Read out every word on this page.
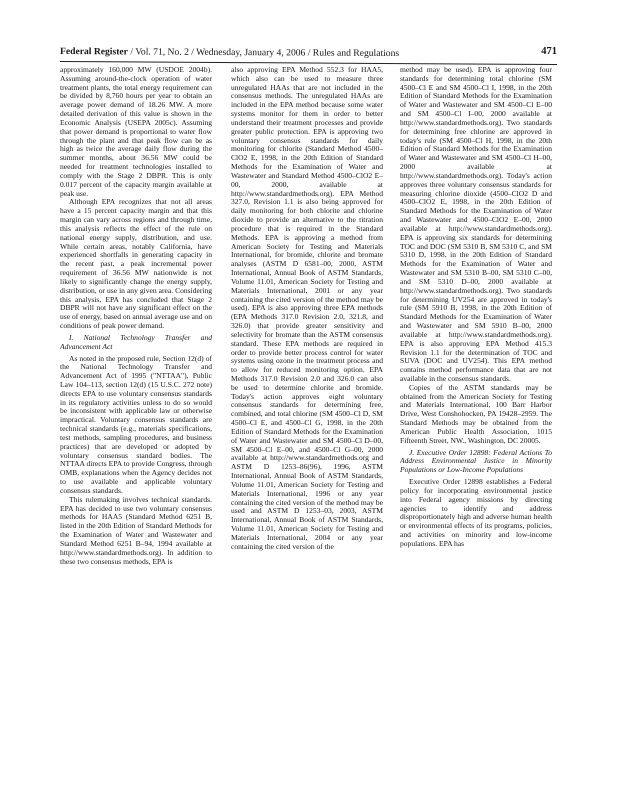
Federal Register / Vol. 71, No. 2 / Wednesday, January 4, 2006 / Rules and Regulations	471

approximately 160,000 MW (USDOE 2004b). Assuming around-the-clock operation of water treatment plants, the total energy requirement can be divided by 8,760 hours per year to obtain an average power demand of 18.26 MW. A more detailed derivation of this value is shown in the Economic Analysis (USEPA 2005c). Assuming that power demand is proportional to water flow through the plant and that peak flow can be as high as twice the average daily flow during the summer months, about 36.56 MW could be needed for treatment technologies installed to comply with the Stage 2 DBPR. This is only 0.017 percent of the capacity margin available at peak use.

Although EPA recognizes that not all areas have a 15 percent capacity margin and that this margin can vary across regions and through time, this analysis reflects the effect of the rule on national energy supply, distribution, and use. While certain areas, notably California, have experienced shortfalls in generating capacity in the recent past, a peak incremental power requirement of 36.56 MW nationwide is not likely to significantly change the energy supply, distribution, or use in any given area. Considering this analysis, EPA has concluded that Stage 2 DBPR will not have any significant effect on the use of energy, based on annual average use and on conditions of peak power demand.

I. National Technology Transfer and Advancement Act

As noted in the proposed rule, Section 12(d) of the National Technology Transfer and Advancement Act of 1995 ("NTTAA"), Public Law 104–113, section 12(d) (15 U.S.C. 272 note) directs EPA to use voluntary consensus standards in its regulatory activities unless to do so would be inconsistent with applicable law or otherwise impractical. Voluntary consensus standards are technical standards (e.g., materials specifications, test methods, sampling procedures, and business practices) that are developed or adopted by voluntary consensus standard bodies. The NTTAA directs EPA to provide Congress, through OMB, explanations when the Agency decides not to use available and applicable voluntary consensus standards.

This rulemaking involves technical standards. EPA has decided to use two voluntary consensus methods for HAA5 (Standard Method 6251 B, listed in the 20th Edition of Standard Methods for the Examination of Water and Wastewater and Standard Method 6251 B–94, 1994 available at http://www.standardmethods.org). In addition to these two consensus methods, EPA is

also approving EPA Method 552.3 for HAA5, which also can be used to measure three unregulated HAAs that are not included in the consensus methods. The unregulated HAAs are included in the EPA method because some water systems monitor for them in order to better understand their treatment processes and provide greater public protection. EPA is approving two voluntary consensus standards for daily monitoring for chlorite (Standard Method 4500–ClO2 E, 1998, in the 20th Edition of Standard Methods for the Examination of Water and Wastewater and Standard Method 4500–ClO2 E–00, 2000, available at http://www.standardmethods.org). EPA Method 327.0, Revision 1.1 is also being approved for daily monitoring for both chlorite and chlorine dioxide to provide an alternative to the titration procedure that is required in the Standard Methods. EPA is approving a method from American Society for Testing and Materials International, for bromide, chlorite and bromate analyses (ASTM D 6581–00, 2000, ASTM International, Annual Book of ASTM Standards, Volume 11.01, American Society for Testing and Materials International, 2001 or any year containing the cited version of the method may be used). EPA is also approving three EPA methods (EPA Methods 317.0 Revision 2.0, 321.8, and 326.0) that provide greater sensitivity and selectivity for bromate than the ASTM consensus standard. These EPA methods are required in order to provide better process control for water systems using ozone in the treatment process and to allow for reduced monitoring option. EPA Methods 317.0 Revision 2.0 and 326.0 can also be used to determine chlorite and bromide. Today's action approves eight voluntary consensus standards for determining free, combined, and total chlorine (SM 4500–Cl D, SM 4500–Cl E, and 4500–Cl G, 1998, in the 20th Edition of Standard Methods for the Examination of Water and Wastewater and SM 4500–Cl D–00, SM 4500–Cl E–00, and 4500–Cl G–00, 2000 available at http://www.standardmethods.org and ASTM D 1253–86(96), 1996, ASTM International, Annual Book of ASTM Standards, Volume 11.01, American Society for Testing and Materials International, 1996 or any year containing the cited version of the method may be used and ASTM D 1253–03, 2003, ASTM International, Annual Book of ASTM Standards, Volume 11.01, American Society for Testing and Materials International, 2004 or any year containing the cited version of the

method may be used). EPA is approving four standards for determining total chlorine (SM 4500–Cl E and SM 4500–Cl I, 1998, in the 20th Edition of Standard Methods for the Examination of Water and Wastewater and SM 4500–Cl E–00 and SM 4500–Cl I–00, 2000 available at http://www.standardmethods.org). Two standards for determining free chlorine are approved in today's rule (SM 4500–Cl H, 1998, in the 20th Edition of Standard Methods for the Examination of Water and Wastewater and SM 4500–Cl H–00, 2000 available at http://www.standardmethods.org). Today's action approves three voluntary consensus standards for measuring chlorine dioxide (4500–ClO2 D and 4500–ClO2 E, 1998, in the 20th Edition of Standard Methods for the Examination of Water and Wastewater and 4500–ClO2 E–00, 2000 available at http://www.standardmethods.org). EPA is approving six standards for determining TOC and DOC (SM 5310 B, SM 5310 C, and SM 5310 D, 1998, in the 20th Edition of Standard Methods for the Examination of Water and Wastewater and SM 5310 B–00, SM 5310 C–00, and SM 5310 D–00, 2000 available at http://www.standardmethods.org). Two standards for determining UV254 are approved in today's rule (SM 5910 B, 1998, in the 20th Edition of Standard Methods for the Examination of Water and Wastewater and SM 5910 B–00, 2000 available at http://www.standardmethods.org). EPA is also approving EPA Method 415.3 Revision 1.1 for the determination of TOC and SUVA (DOC and UV254). This EPA method contains method performance data that are not available in the consensus standards.

Copies of the ASTM standards may be obtained from the American Society for Testing and Materials International, 100 Barr Harbor Drive, West Conshohocken, PA 19428–2959. The Standard Methods may be obtained from the American Public Health Association, 1015 Fifteenth Street, NW., Washington, DC 20005.

J. Executive Order 12898: Federal Actions To Address Environmental Justice in Minority Populations or Low-Income Populations

Executive Order 12898 establishes a Federal policy for incorporating environmental justice into Federal agency missions by directing agencies to identify and address disproportionately high and adverse human health or environmental effects of its programs, policies, and activities on minority and low-income populations. EPA has
